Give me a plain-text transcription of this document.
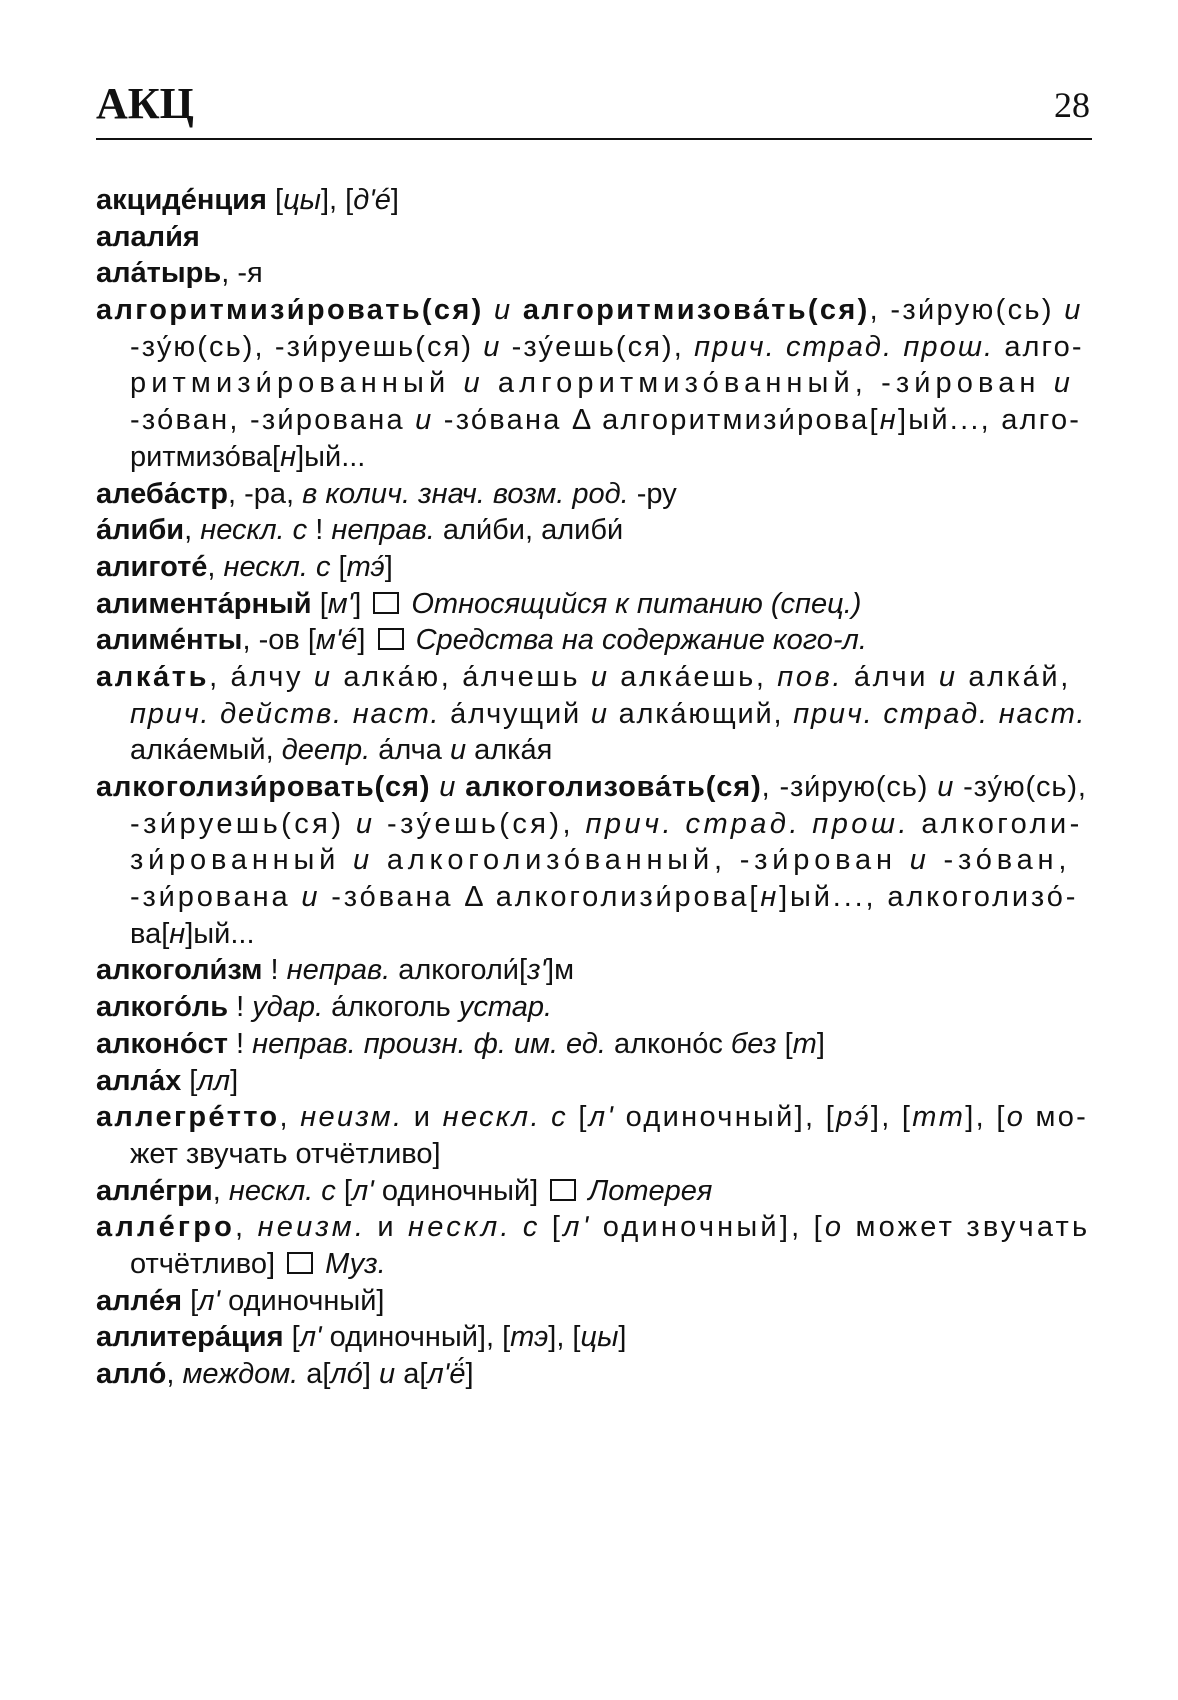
АКЦ	28
акцидéнция [цы], [дʹé]
алали́я
ала́тырь, -я
алгоритмизи́ровать(ся) и алгоритмизова́ть(ся), -зи́рую(сь) и
-зу́ю(сь), -зи́руешь(ся) и -зу́ешь(ся), прич. страд. прош. алго-
ритмизи́рованный и алгоритмизо́ванный, -зи́рован и
-зо́ван, -зи́рована и -зо́вана Δ алгоритмизи́рова[н]ый..., алго-
ритмизо́ва[н]ый...
алеба́стр, -ра, в колич. знач. возм. род. -ру
а́либи, нескл. с ! неправ. али́би, алиби́
алиготé, нескл. с [тэ́]
алимента́рный [мʹ]  Относящийся к питанию (спец.)
алимéнты, -ов [мʹé]  Средства на содержание кого-л.
алка́ть, а́лчу и алка́ю, а́лчешь и алка́ешь, пов. а́лчи и алка́й,
прич. действ. наст. а́лчущий и алка́ющий, прич. страд. наст.
алка́емый, деепр. а́лча и алка́я
алкоголизи́ровать(ся) и алкоголизова́ть(ся), -зи́рую(сь) и -зу́ю(сь),
-зи́руешь(ся) и -зу́ешь(ся), прич. страд. прош. алкоголи-
зи́рованный и алкоголизо́ванный, -зи́рован и -зо́ван,
-зи́рована и -зо́вана Δ алкоголизи́рова[н]ый..., алкоголизо́-
ва[н]ый...
алкоголи́зм ! неправ. алкоголи́[зʹ]м
алкого́ль ! удар. а́лкоголь устар.
алконо́ст ! неправ. произн. ф. им. ед. алконо́с без [т]
алла́х [лл]
аллегрéтто, неизм. и нескл. с [лʹ одиночный], [рэ́], [тт], [о мо-
жет звучать отчётливо]
аллéгри, нескл. с [лʹ одиночный]  Лотерея
аллéгро, неизм. и нескл. с [лʹ одиночный], [о может звучать
отчётливо]  Муз.
аллéя [лʹ одиночный]
аллитера́ция [лʹ одиночный], [тэ], [цы]
алло́, междом. а[ло́] и а[лʹё́]
